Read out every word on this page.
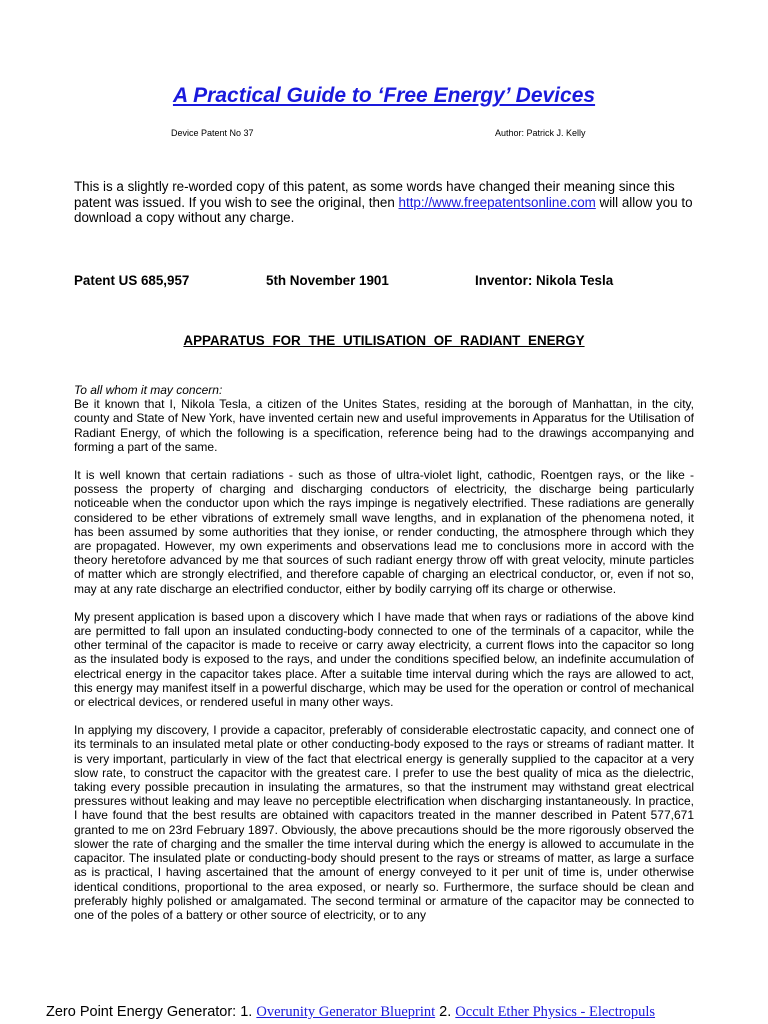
A Practical Guide to ‘Free Energy’ Devices
Device Patent No 37	Author: Patrick J. Kelly
This is a slightly re-worded copy of this patent, as some words have changed their meaning since this patent was issued. If you wish to see the original, then http://www.freepatentsonline.com will allow you to download a copy without any charge.
Patent US 685,957	5th November 1901	Inventor: Nikola Tesla
APPARATUS FOR THE UTILISATION OF RADIANT ENERGY

To all whom it may concern:

Be it known that I, Nikola Tesla, a citizen of the Unites States, residing at the borough of Manhattan, in the city, county and State of New York, have invented certain new and useful improvements in Apparatus for the Utilisation of Radiant Energy, of which the following is a specification, reference being had to the drawings accompanying and forming a part of the same.

It is well known that certain radiations - such as those of ultra-violet light, cathodic, Roentgen rays, or the like - possess the property of charging and discharging conductors of electricity, the discharge being particularly noticeable when the conductor upon which the rays impinge is negatively electrified. These radiations are generally considered to be ether vibrations of extremely small wave lengths, and in explanation of the phenomena noted, it has been assumed by some authorities that they ionise, or render conducting, the atmosphere through which they are propagated. However, my own experiments and observations lead me to conclusions more in accord with the theory heretofore advanced by me that sources of such radiant energy throw off with great velocity, minute particles of matter which are strongly electrified, and therefore capable of charging an electrical conductor, or, even if not so, may at any rate discharge an electrified conductor, either by bodily carrying off its charge or otherwise.

My present application is based upon a discovery which I have made that when rays or radiations of the above kind are permitted to fall upon an insulated conducting-body connected to one of the terminals of a capacitor, while the other terminal of the capacitor is made to receive or carry away electricity, a current flows into the capacitor so long as the insulated body is exposed to the rays, and under the conditions specified below, an indefinite accumulation of electrical energy in the capacitor takes place. After a suitable time interval during which the rays are allowed to act, this energy may manifest itself in a powerful discharge, which may be used for the operation or control of mechanical or electrical devices, or rendered useful in many other ways.

In applying my discovery, I provide a capacitor, preferably of considerable electrostatic capacity, and connect one of its terminals to an insulated metal plate or other conducting-body exposed to the rays or streams of radiant matter. It is very important, particularly in view of the fact that electrical energy is generally supplied to the capacitor at a very slow rate, to construct the capacitor with the greatest care. I prefer to use the best quality of mica as the dielectric, taking every possible precaution in insulating the armatures, so that the instrument may withstand great electrical pressures without leaking and may leave no perceptible electrification when discharging instantaneously. In practice, I have found that the best results are obtained with capacitors treated in the manner described in Patent 577,671 granted to me on 23rd February 1897. Obviously, the above precautions should be the more rigorously observed the slower the rate of charging and the smaller the time interval during which the energy is allowed to accumulate in the capacitor. The insulated plate or conducting-body should present to the rays or streams of matter, as large a surface as is practical, I having ascertained that the amount of energy conveyed to it per unit of time is, under otherwise identical conditions, proportional to the area exposed, or nearly so. Furthermore, the surface should be clean and preferably highly polished or amalgamated. The second terminal or armature of the capacitor may be connected to one of the poles of a battery or other source of electricity, or to any

Zero Point Energy Generator: 1. Overunity Generator Blueprint 2. Occult Ether Physics - Electropuls
